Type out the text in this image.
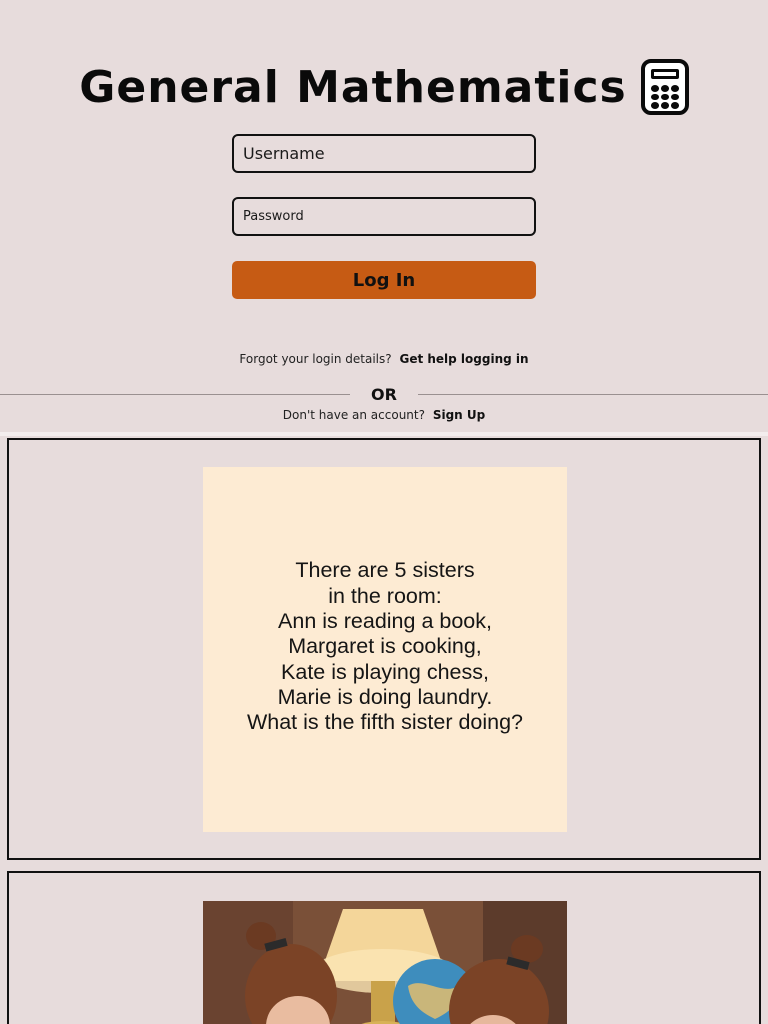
General Mathematics
Username
Log In
Forgot your login details? Get help logging in
OR
Don't have an account? Sign Up
There are 5 sisters
in the room:
Ann is reading a book,
Margaret is cooking,
Kate is playing chess,
Marie is doing laundry.
What is the fifth sister doing?
